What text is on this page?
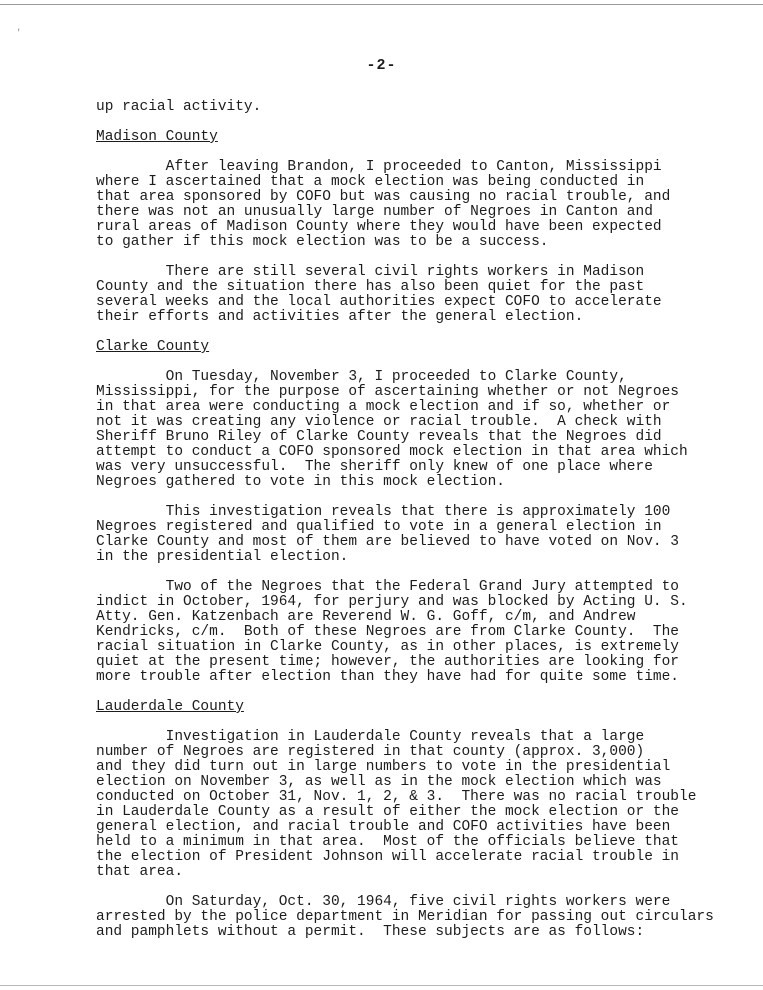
'
-2-
up racial activity.
Madison County
After leaving Brandon, I proceeded to Canton, Mississippi
where I ascertained that a mock election was being conducted in
that area sponsored by COFO but was causing no racial trouble, and
there was not an unusually large number of Negroes in Canton and
rural areas of Madison County where they would have been expected
to gather if this mock election was to be a success.
There are still several civil rights workers in Madison
County and the situation there has also been quiet for the past
several weeks and the local authorities expect COFO to accelerate
their efforts and activities after the general election.
Clarke County
On Tuesday, November 3, I proceeded to Clarke County,
Mississippi, for the purpose of ascertaining whether or not Negroes
in that area were conducting a mock election and if so, whether or
not it was creating any violence or racial trouble.  A check with
Sheriff Bruno Riley of Clarke County reveals that the Negroes did
attempt to conduct a COFO sponsored mock election in that area which
was very unsuccessful.  The sheriff only knew of one place where
Negroes gathered to vote in this mock election.
This investigation reveals that there is approximately 100
Negroes registered and qualified to vote in a general election in
Clarke County and most of them are believed to have voted on Nov. 3
in the presidential election.
Two of the Negroes that the Federal Grand Jury attempted to
indict in October, 1964, for perjury and was blocked by Acting U. S.
Atty. Gen. Katzenbach are Reverend W. G. Goff, c/m, and Andrew
Kendricks, c/m.  Both of these Negroes are from Clarke County.  The
racial situation in Clarke County, as in other places, is extremely
quiet at the present time; however, the authorities are looking for
more trouble after election than they have had for quite some time.
Lauderdale County
Investigation in Lauderdale County reveals that a large
number of Negroes are registered in that county (approx. 3,000)
and they did turn out in large numbers to vote in the presidential
election on November 3, as well as in the mock election which was
conducted on October 31, Nov. 1, 2, & 3.  There was no racial trouble
in Lauderdale County as a result of either the mock election or the
general election, and racial trouble and COFO activities have been
held to a minimum in that area.  Most of the officials believe that
the election of President Johnson will accelerate racial trouble in
that area.
On Saturday, Oct. 30, 1964, five civil rights workers were
arrested by the police department in Meridian for passing out circulars
and pamphlets without a permit.  These subjects are as follows:
